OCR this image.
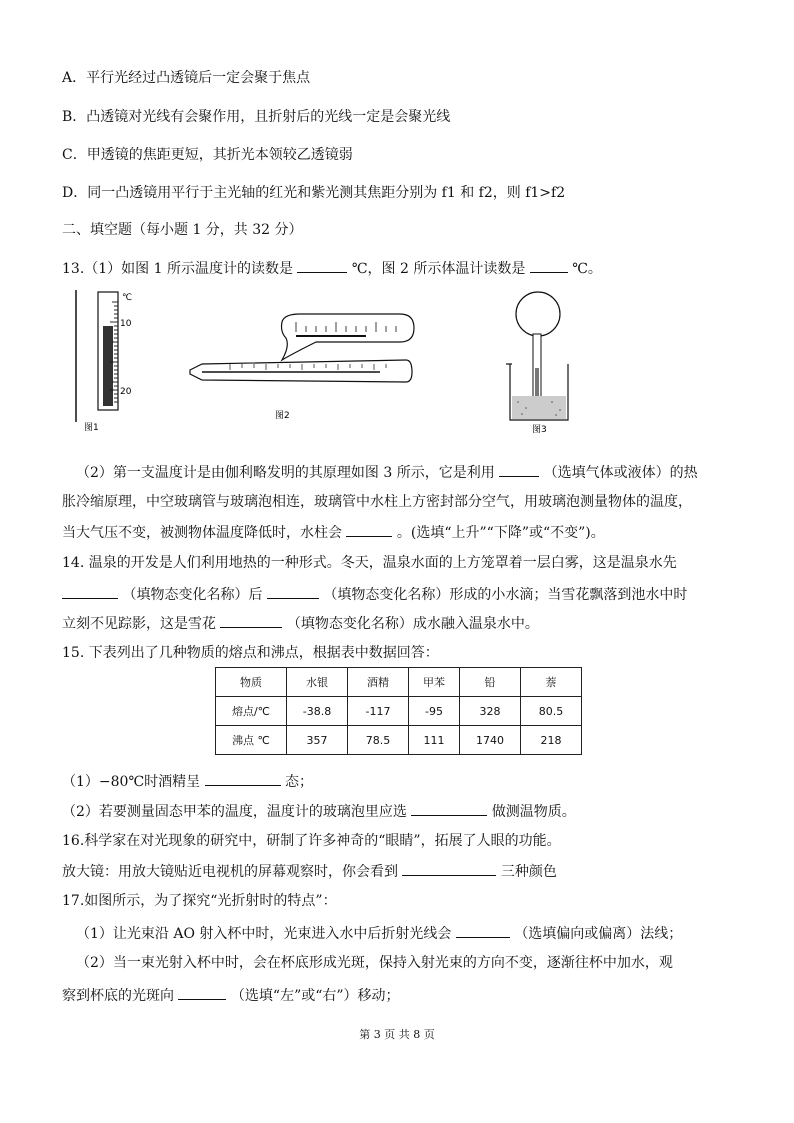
A．平行光经过凸透镜后一定会聚于焦点
B．凸透镜对光线有会聚作用，且折射后的光线一定是会聚光线
C．甲透镜的焦距更短，其折光本领较乙透镜弱
D．同一凸透镜用平行于主光轴的红光和紫光测其焦距分别为 f1 和 f2，则 f1>f2
二、填空题（每小题 1 分，共 32 分）
13.（1）如图 1 所示温度计的读数是	℃，图 2 所示体温计读数是	℃。
℃
10
20
图1
图2
图3
（2）第一支温度计是由伽利略发明的其原理如图 3 所示，它是利用	（选填气体或液体）的热
胀冷缩原理，中空玻璃管与玻璃泡相连，玻璃管中水柱上方密封部分空气，用玻璃泡测量物体的温度，
当大气压不变，被测物体温度降低时，水柱会	。(选填“上升”“下降”或“不变”)。
14. 温泉的开发是人们利用地热的一种形式。冬天，温泉水面的上方笼罩着一层白雾，这是温泉水先
（填物态变化名称）后	（填物态变化名称）形成的小水滴；当雪花飘落到池水中时
立刻不见踪影，这是雪花	（填物态变化名称）成水融入温泉水中。
15. 下表列出了几种物质的熔点和沸点，根据表中数据回答：
物质	水银	酒精	甲苯	铅	萘
熔点/℃	-38.8	-117	-95	328	80.5
沸点 ℃	357	78.5	111	1740	218
（1）−80℃时酒精呈	态；
（2）若要测量固态甲苯的温度，温度计的玻璃泡里应选	做测温物质。
16.科学家在对光现象的研究中，研制了许多神奇的“眼睛”，拓展了人眼的功能。
放大镜：用放大镜贴近电视机的屏幕观察时，你会看到	三种颜色
17.如图所示，为了探究“光折射时的特点”：
（1）让光束沿 AO 射入杯中时，光束进入水中后折射光线会	（选填偏向或偏离）法线；
（2）当一束光射入杯中时，会在杯底形成光斑，保持入射光束的方向不变，逐渐往杯中加水，观
察到杯底的光斑向	（选填“左”或“右”）移动；
第 3 页 共 8 页
